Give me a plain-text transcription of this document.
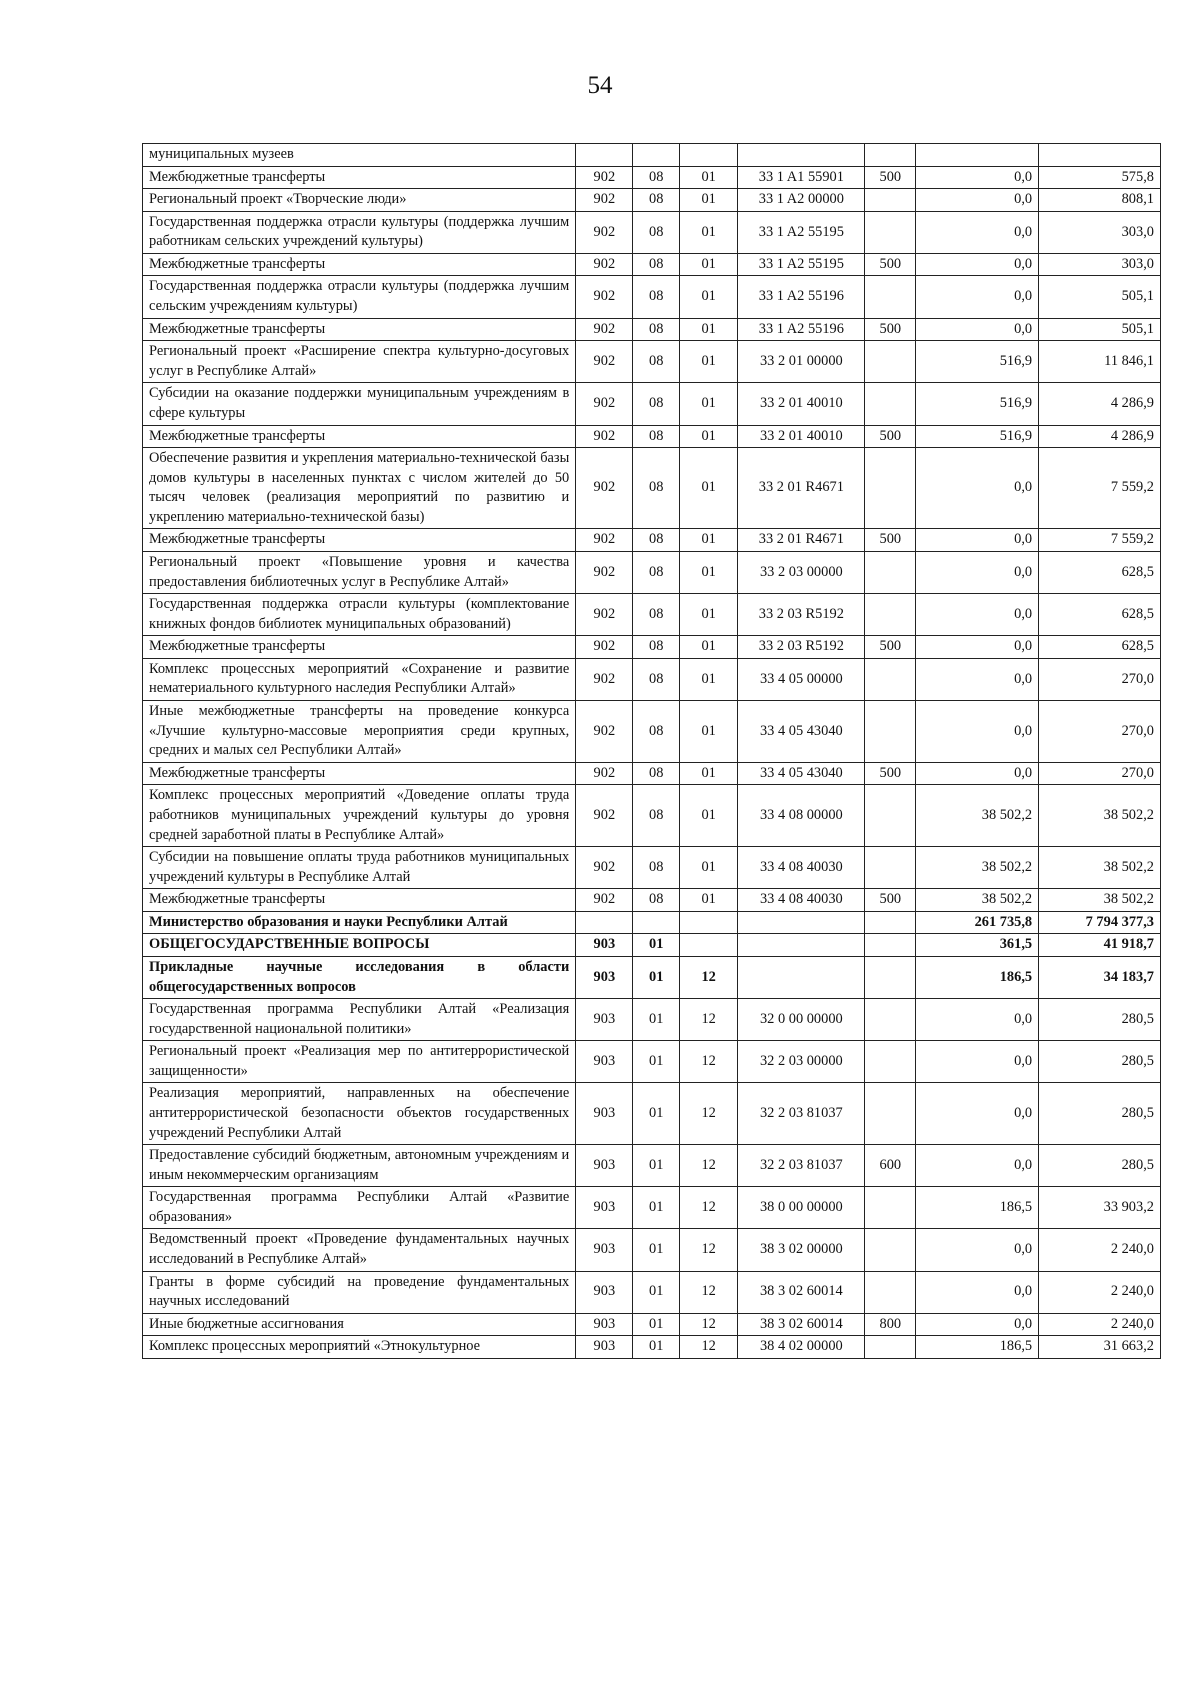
54
муниципальных музеев							
Межбюджетные трансферты	902	08	01	33 1 A1 55901	500	0,0	575,8
Региональный проект «Творческие люди»	902	08	01	33 1 A2 00000		0,0	808,1
Государственная поддержка отрасли культуры (поддержка лучшим работникам сельских учреждений культуры)	902	08	01	33 1 A2 55195		0,0	303,0
Межбюджетные трансферты	902	08	01	33 1 A2 55195	500	0,0	303,0
Государственная поддержка отрасли культуры (поддержка лучшим сельским учреждениям культуры)	902	08	01	33 1 A2 55196		0,0	505,1
Межбюджетные трансферты	902	08	01	33 1 A2 55196	500	0,0	505,1
Региональный проект «Расширение спектра культурно-досуговых услуг в Республике Алтай»	902	08	01	33 2 01 00000		516,9	11 846,1
Субсидии на оказание поддержки муниципальным учреждениям в сфере культуры	902	08	01	33 2 01 40010		516,9	4 286,9
Межбюджетные трансферты	902	08	01	33 2 01 40010	500	516,9	4 286,9
Обеспечение развития и укрепления материально-технической базы домов культуры в населенных пунктах с числом жителей до 50 тысяч человек (реализация мероприятий по развитию и укреплению материально-технической базы)	902	08	01	33 2 01 R4671		0,0	7 559,2
Межбюджетные трансферты	902	08	01	33 2 01 R4671	500	0,0	7 559,2
Региональный проект «Повышение уровня и качества предоставления библиотечных услуг в Республике Алтай»	902	08	01	33 2 03 00000		0,0	628,5
Государственная поддержка отрасли культуры (комплектование книжных фондов библиотек муниципальных образований)	902	08	01	33 2 03 R5192		0,0	628,5
Межбюджетные трансферты	902	08	01	33 2 03 R5192	500	0,0	628,5
Комплекс процессных мероприятий «Сохранение и развитие нематериального культурного наследия Республики Алтай»	902	08	01	33 4 05 00000		0,0	270,0
Иные межбюджетные трансферты на проведение конкурса «Лучшие культурно-массовые мероприятия среди крупных, средних и малых сел Республики Алтай»	902	08	01	33 4 05 43040		0,0	270,0
Межбюджетные трансферты	902	08	01	33 4 05 43040	500	0,0	270,0
Комплекс процессных мероприятий «Доведение оплаты труда работников муниципальных учреждений культуры до уровня средней заработной платы в Республике Алтай»	902	08	01	33 4 08 00000		38 502,2	38 502,2
Субсидии на повышение оплаты труда работников муниципальных учреждений культуры в Республике Алтай	902	08	01	33 4 08 40030		38 502,2	38 502,2
Межбюджетные трансферты	902	08	01	33 4 08 40030	500	38 502,2	38 502,2
Министерство образования и науки Республики Алтай						261 735,8	7 794 377,3
ОБЩЕГОСУДАРСТВЕННЫЕ ВОПРОСЫ	903	01				361,5	41 918,7
Прикладные научные исследования в области общегосударственных вопросов	903	01	12			186,5	34 183,7
Государственная программа Республики Алтай «Реализация государственной национальной политики»	903	01	12	32 0 00 00000		0,0	280,5
Региональный проект «Реализация мер по антитеррористической защищенности»	903	01	12	32 2 03 00000		0,0	280,5
Реализация мероприятий, направленных на обеспечение антитеррористической безопасности объектов государственных учреждений Республики Алтай	903	01	12	32 2 03 81037		0,0	280,5
Предоставление субсидий бюджетным, автономным учреждениям и иным некоммерческим организациям	903	01	12	32 2 03 81037	600	0,0	280,5
Государственная программа Республики Алтай «Развитие образования»	903	01	12	38 0 00 00000		186,5	33 903,2
Ведомственный проект «Проведение фундаментальных научных исследований в Республике Алтай»	903	01	12	38 3 02 00000		0,0	2 240,0
Гранты в форме субсидий на проведение фундаментальных научных исследований	903	01	12	38 3 02 60014		0,0	2 240,0
Иные бюджетные ассигнования	903	01	12	38 3 02 60014	800	0,0	2 240,0
Комплекс процессных мероприятий «Этнокультурное	903	01	12	38 4 02 00000		186,5	31 663,2
